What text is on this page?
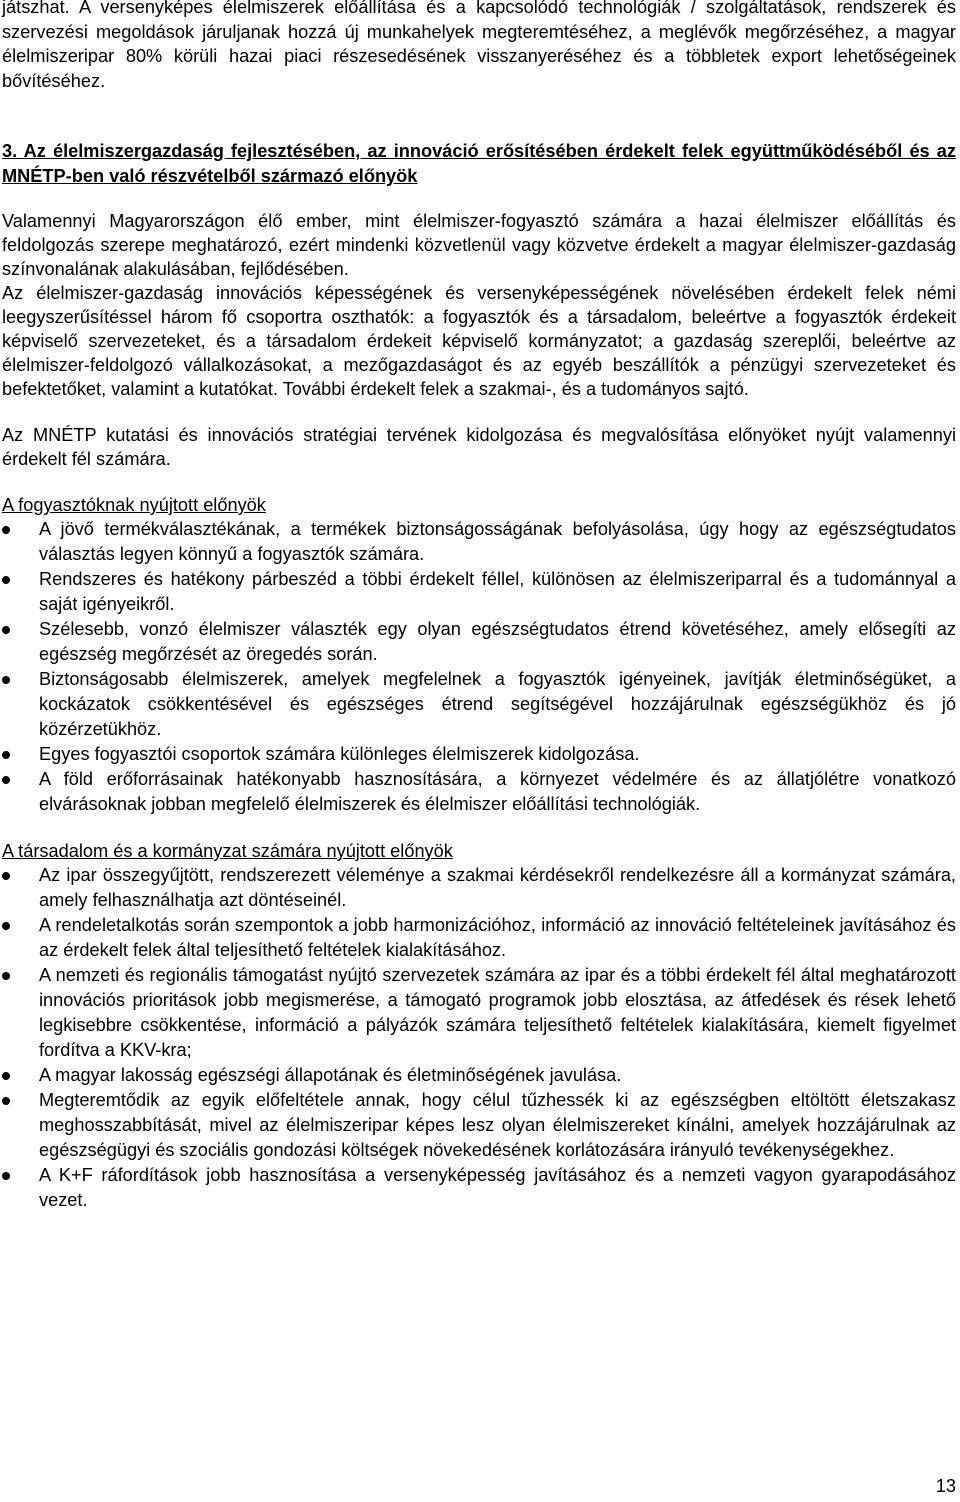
játszhat. A versenyképes élelmiszerek előállítása és a kapcsolódó technológiák / szolgáltatások, rendszerek és szervezési megoldások járuljanak hozzá új munkahelyek megteremtéséhez, a meglévők megőrzéséhez, a magyar élelmiszeripar 80% körüli hazai piaci részesedésének visszanyeréséhez és a többletek export lehetőségeinek bővítéséhez.

3. Az élelmiszergazdaság fejlesztésében, az innováció erősítésében érdekelt felek együttműködéséből és az MNÉTP-ben való részvételből származó előnyök

Valamennyi Magyarországon élő ember, mint élelmiszer-fogyasztó számára a hazai élelmiszer előállítás és feldolgozás szerepe meghatározó, ezért mindenki közvetlenül vagy közvetve érdekelt a magyar élelmiszer-gazdaság színvonalának alakulásában, fejlődésében.

Az élelmiszer-gazdaság innovációs képességének és versenyképességének növelésében érdekelt felek némi leegyszerűsítéssel három fő csoportra oszthatók: a fogyasztók és a társadalom, beleértve a fogyasztók érdekeit képviselő szervezeteket, és a társadalom érdekeit képviselő kormányzatot; a gazdaság szereplői, beleértve az élelmiszer-feldolgozó vállalkozásokat, a mezőgazdaságot és az egyéb beszállítók a pénzügyi szervezeteket és befektetőket, valamint a kutatókat. További érdekelt felek a szakmai-, és a tudományos sajtó.

Az MNÉTP kutatási és innovációs stratégiai tervének kidolgozása és megvalósítása előnyöket nyújt valamennyi érdekelt fél számára.

A fogyasztóknak nyújtott előnyök

A jövő termékválasztékának, a termékek biztonságosságának befolyásolása, úgy hogy az egészségtudatos választás legyen könnyű a fogyasztók számára.
Rendszeres és hatékony párbeszéd a többi érdekelt féllel, különösen az élelmiszeriparral és a tudománnyal a saját igényeikről.
Szélesebb, vonzó élelmiszer választék egy olyan egészségtudatos étrend követéséhez, amely elősegíti az egészség megőrzését az öregedés során.
Biztonságosabb élelmiszerek, amelyek megfelelnek a fogyasztók igényeinek, javítják életminőségüket, a kockázatok csökkentésével és egészséges étrend segítségével hozzájárulnak egészségükhöz és jó közérzetükhöz.
Egyes fogyasztói csoportok számára különleges élelmiszerek kidolgozása.
A föld erőforrásainak hatékonyabb hasznosítására, a környezet védelmére és az állatjólétre vonatkozó elvárásoknak jobban megfelelő élelmiszerek és élelmiszer előállítási technológiák.

A társadalom és a kormányzat számára nyújtott előnyök

Az ipar összegyűjtött, rendszerezett véleménye a szakmai kérdésekről rendelkezésre áll a kormányzat számára, amely felhasználhatja azt döntéseinél.
A rendeletalkotás során szempontok a jobb harmonizációhoz, információ az innováció feltételeinek javításához és az érdekelt felek által teljesíthető feltételek kialakításához.
A nemzeti és regionális támogatást nyújtó szervezetek számára az ipar és a többi érdekelt fél által meghatározott innovációs prioritások jobb megismerése, a támogató programok jobb elosztása, az átfedések és rések lehető legkisebbre csökkentése, információ a pályázók számára teljesíthető feltételek kialakítására, kiemelt figyelmet fordítva a KKV-kra;
A magyar lakosság egészségi állapotának és életminőségének javulása.
Megteremtődik az egyik előfeltétele annak, hogy célul tűzhessék ki az egészségben eltöltött életszakasz meghosszabbítását, mivel az élelmiszeripar képes lesz olyan élelmiszereket kínálni, amelyek hozzájárulnak az egészségügyi és szociális gondozási költségek növekedésének korlátozására irányuló tevékenységekhez.
A K+F ráfordítások jobb hasznosítása a versenyképesség javításához és a nemzeti vagyon gyarapodásához vezet.
13
